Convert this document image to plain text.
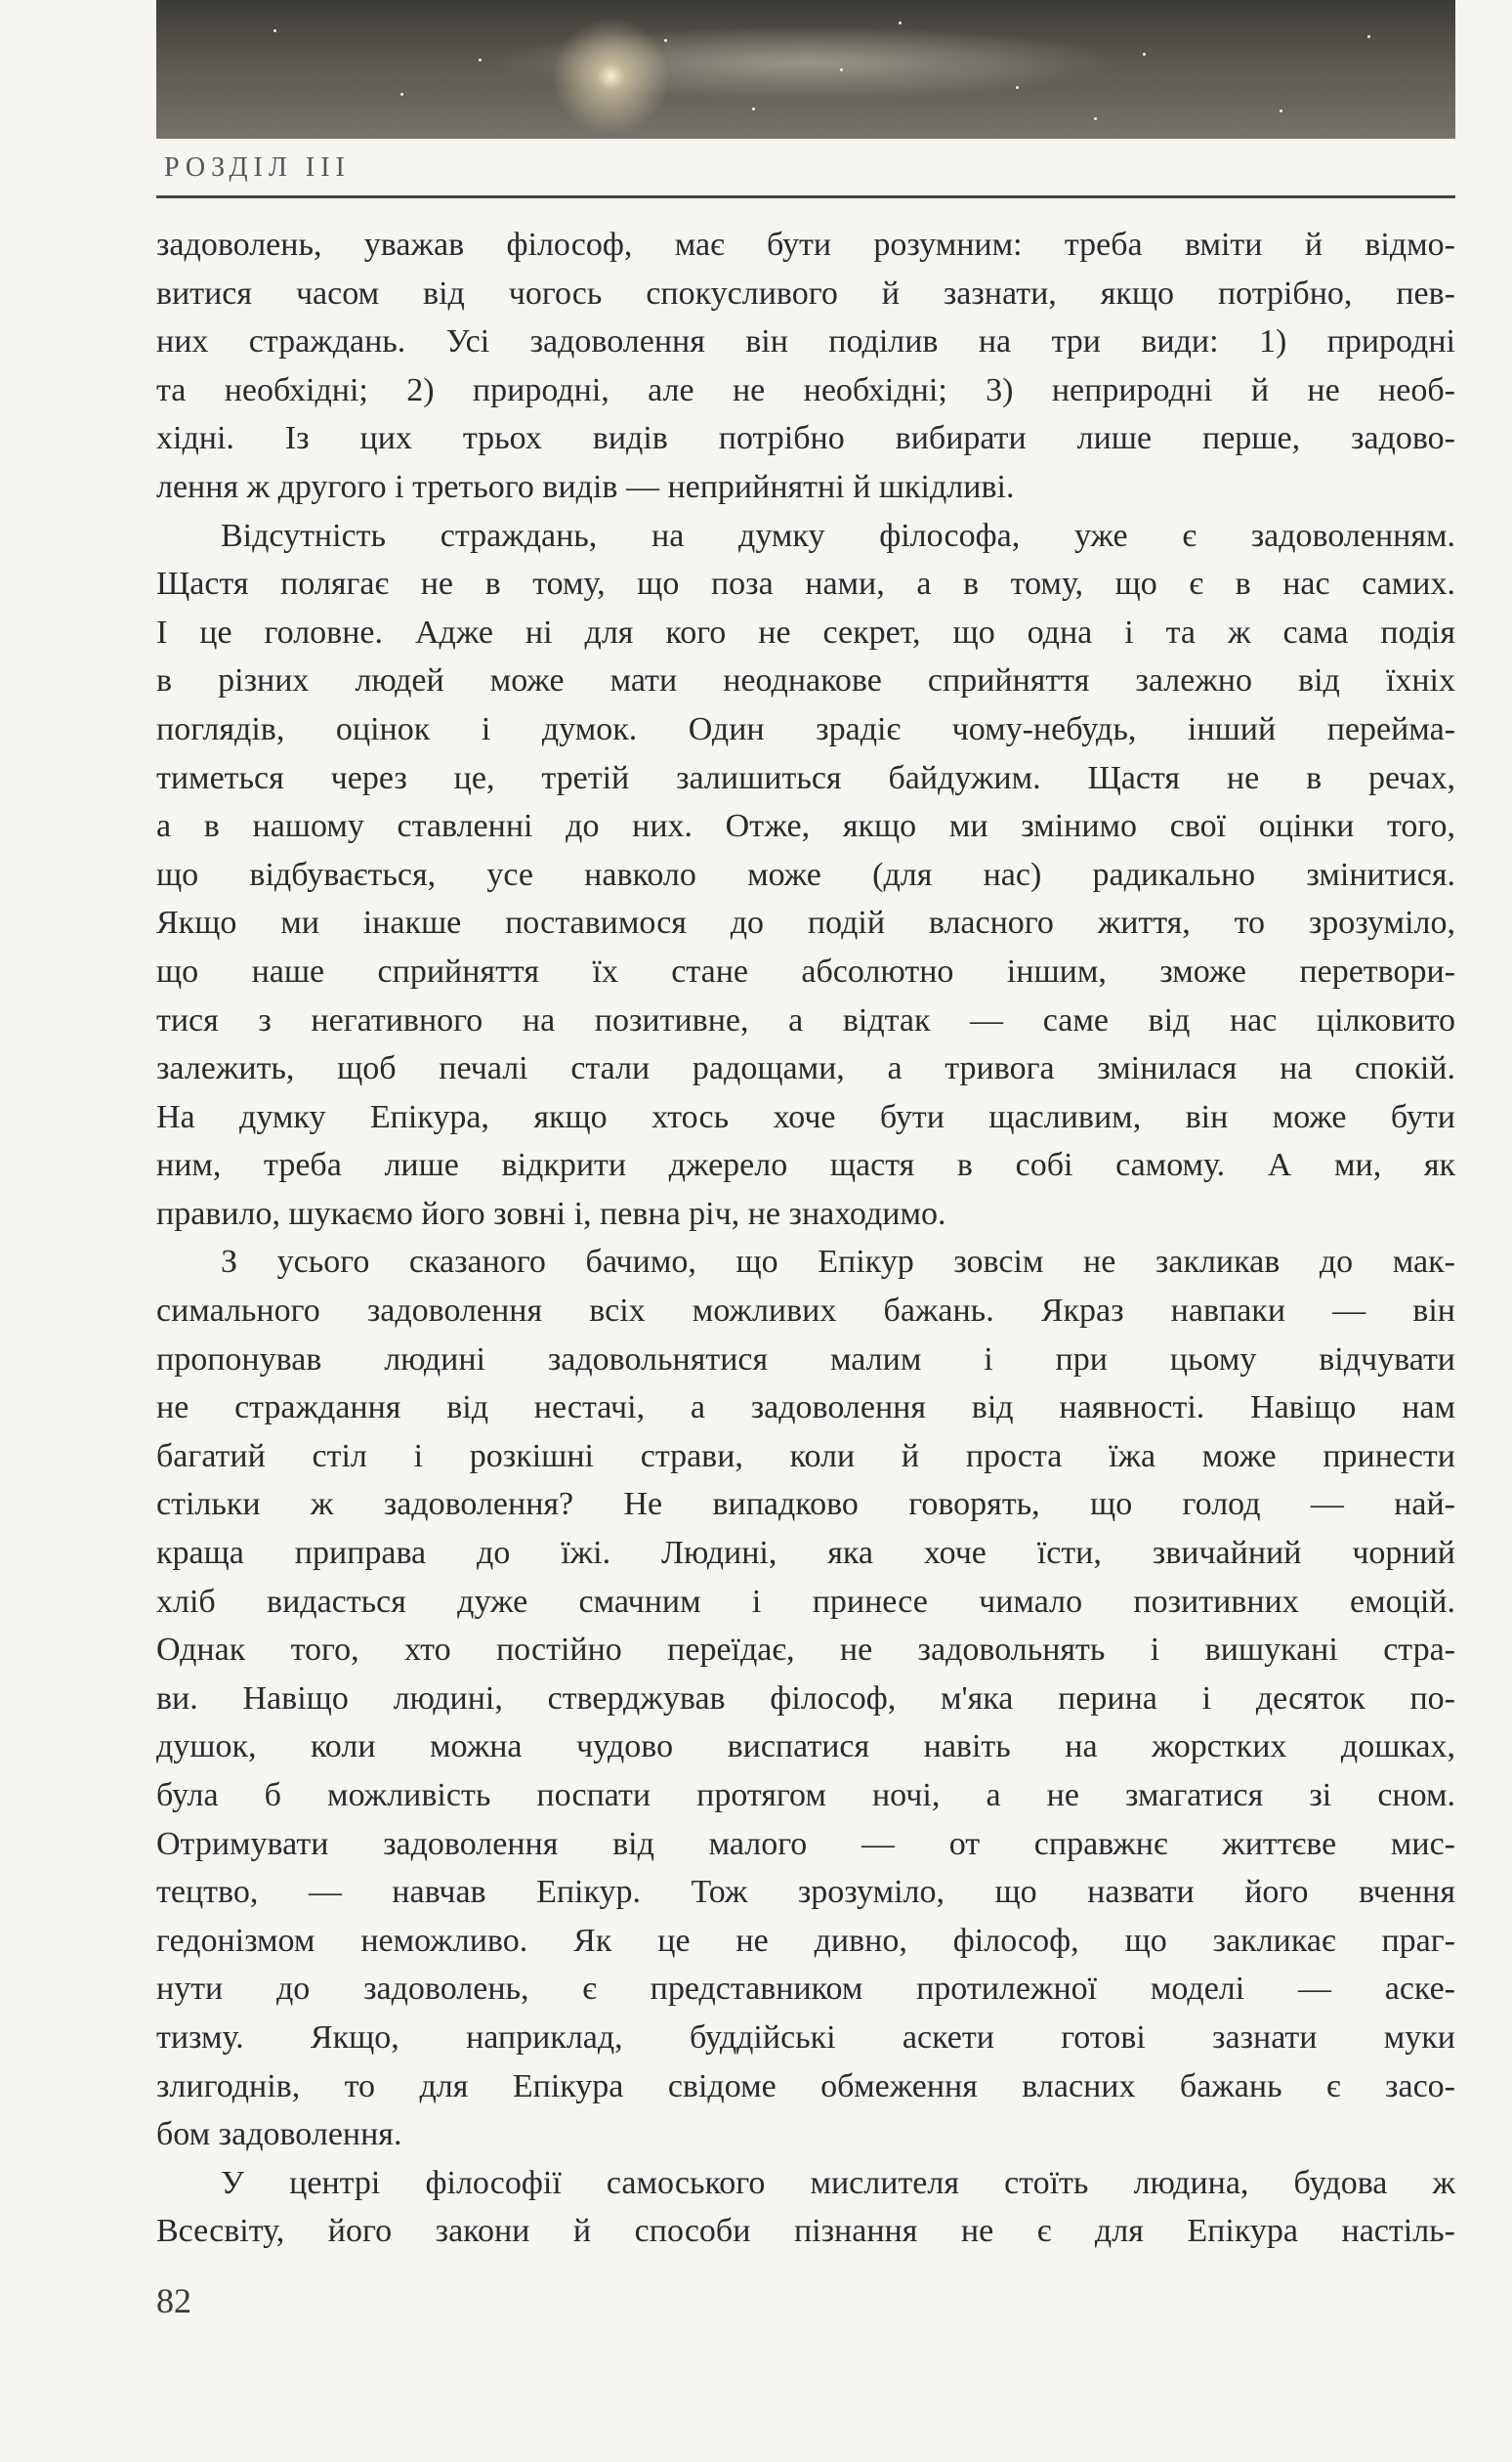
РОЗДІЛ ІІІ
задоволень, уважав філософ, має бути розумним: треба вміти й відмо-
витися часом від чогось спокусливого й зазнати, якщо потрібно, пев-
них страждань. Усі задоволення він поділив на три види: 1) природні
та необхідні; 2) природні, але не необхідні; 3) неприродні й не необ-
хідні. Із цих трьох видів потрібно вибирати лише перше, задово-
лення ж другого і третього видів — неприйнятні й шкідливі.
Відсутність страждань, на думку філософа, уже є задоволенням.
Щастя полягає не в тому, що поза нами, а в тому, що є в нас самих.
І це головне. Адже ні для кого не секрет, що одна і та ж сама подія
в різних людей може мати неоднакове сприйняття залежно від їхніх
поглядів, оцінок і думок. Один зрадіє чому-небудь, інший перейма-
тиметься через це, третій залишиться байдужим. Щастя не в речах,
а в нашому ставленні до них. Отже, якщо ми змінимо свої оцінки того,
що відбувається, усе навколо може (для нас) радикально змінитися.
Якщо ми інакше поставимося до подій власного життя, то зрозуміло,
що наше сприйняття їх стане абсолютно іншим, зможе перетвори-
тися з негативного на позитивне, а відтак — саме від нас цілковито
залежить, щоб печалі стали радощами, а тривога змінилася на спокій.
На думку Епікура, якщо хтось хоче бути щасливим, він може бути
ним, треба лише відкрити джерело щастя в собі самому. А ми, як
правило, шукаємо його зовні і, певна річ, не знаходимо.
З усього сказаного бачимо, що Епікур зовсім не закликав до мак-
симального задоволення всіх можливих бажань. Якраз навпаки — він
пропонував людині задовольнятися малим і при цьому відчувати
не страждання від нестачі, а задоволення від наявності. Навіщо нам
багатий стіл і розкішні страви, коли й проста їжа може принести
стільки ж задоволення? Не випадково говорять, що голод — най-
краща приправа до їжі. Людині, яка хоче їсти, звичайний чорний
хліб видасться дуже смачним і принесе чимало позитивних емоцій.
Однак того, хто постійно переїдає, не задовольнять і вишукані стра-
ви. Навіщо людині, стверджував філософ, м'яка перина і десяток по-
душок, коли можна чудово виспатися навіть на жорстких дошках,
була б можливість поспати протягом ночі, а не змагатися зі сном.
Отримувати задоволення від малого — от справжнє життєве мис-
тецтво, — навчав Епікур. Тож зрозуміло, що назвати його вчення
гедонізмом неможливо. Як це не дивно, філософ, що закликає праг-
нути до задоволень, є представником протилежної моделі — аске-
тизму. Якщо, наприклад, буддійські аскети готові зазнати муки
злигоднів, то для Епікура свідоме обмеження власних бажань є засо-
бом задоволення.
У центрі філософії самоського мислителя стоїть людина, будова ж
Всесвіту, його закони й способи пізнання не є для Епікура настіль-
82
